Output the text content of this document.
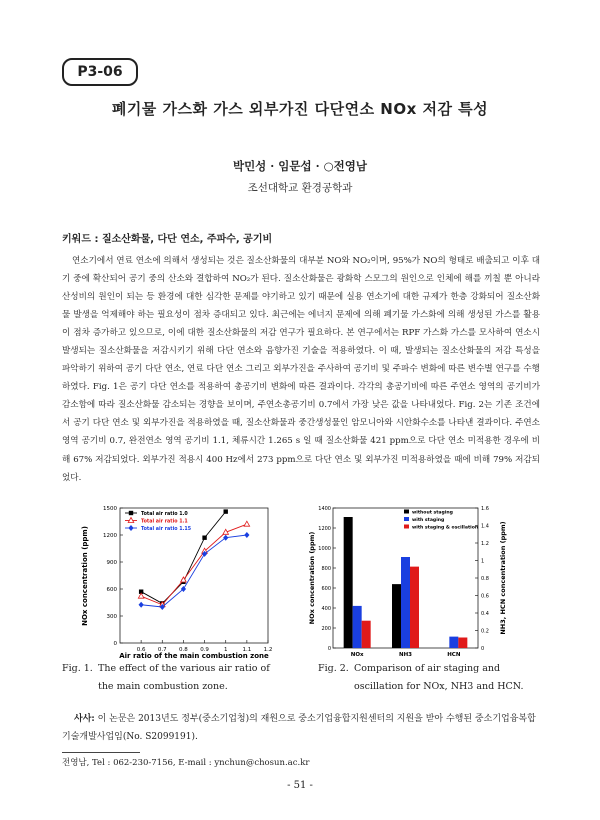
P3-06
폐기물 가스화 가스 외부가진 다단연소 NOx 저감 특성
박민성 · 임문섭 · ○전영남
조선대학교 환경공학과
키워드 : 질소산화물, 다단 연소, 주파수, 공기비
연소기에서 연료 연소에 의해서 생성되는 것은 질소산화물의 대부분 NO와 NO₂이며, 95%가 NO의 형태로 배출되고 이후 대기 중에 확산되어 공기 중의 산소와 결합하여 NO₂가 된다. 질소산화물은 광화학 스모그의 원인으로 인체에 해를 끼칠 뿐 아니라 산성비의 원인이 되는 등 환경에 대한 심각한 문제를 야기하고 있기 때문에 실용 연소기에 대한 규제가 한층 강화되어 질소산화물 발생을 억제해야 하는 필요성이 점차 증대되고 있다. 최근에는 에너지 문제에 의해 폐기물 가스화에 의해 생성된 가스를 활용이 점차 증가하고 있으므로, 이에 대한 질소산화물의 저감 연구가 필요하다. 본 연구에서는 RPF 가스화 가스를 모사하여 연소시 발생되는 질소산화물을 저감시키기 위해 다단 연소와 음향가진 기술을 적용하였다. 이 때, 발생되는 질소산화물의 저감 특성을 파악하기 위하여 공기 다단 연소, 연료 다단 연소 그리고 외부가진을 주사하여 공기비 및 주파수 변화에 따른 변수별 연구를 수행하였다. Fig. 1은 공기 다단 연소를 적용하여 총공기비 변화에 따른 결과이다. 각각의 총공기비에 따른 주연소 영역의 공기비가 감소함에 따라 질소산화물 감소되는 경향을 보이며, 주연소총공기비 0.7에서 가장 낮은 값을 나타내었다. Fig. 2는 기존 조건에서 공기 다단 연소 및 외부가진을 적용하였을 때, 질소산화물과 중간생성물인 암모니아와 시안화수소를 나타낸 결과이다. 주연소 영역 공기비 0.7, 완전연소 영역 공기비 1.1, 체류시간 1.265 s 일 때 질소산화물 421 ppm으로 다단 연소 미적용한 경우에 비해 67% 저감되었다. 외부가진 적용시 400 Hz에서 273 ppm으로 다단 연소 및 외부가진 미적용하였을 때에 비해 79% 저감되었다.
0.6 0.7 0.8 0.9	1	1.1 1.2
0
300
600
900
1200
1500
Total air ratio 1.0
Total air ratio 1.1
Total air ratio 1.15
Air ratio of the main combustion zone
NOx concentration (ppm)
0
200
400
600
800
1000
1200
1400
0
0.2
0.4
0.6
0.8
1
1.2
1.4
1.6
NOx	NH3	HCN
without staging
with staging
with staging & oscillation
NOx concentration (ppm)	NH3, HCN concentration (ppm)
Fig. 1. The effect of the various air ratio of the main combustion zone.
Fig. 2. Comparison of air staging and oscillation for NOx, NH3 and HCN.
사사: 이 논문은 2013년도 정부(중소기업청)의 재원으로 중소기업융합지원센터의 지원을 받아 수행된 중소기업융복합기술개발사업임(No. S2099191).
전영남, Tel : 062-230-7156, E-mail : ynchun@chosun.ac.kr
- 51 -
